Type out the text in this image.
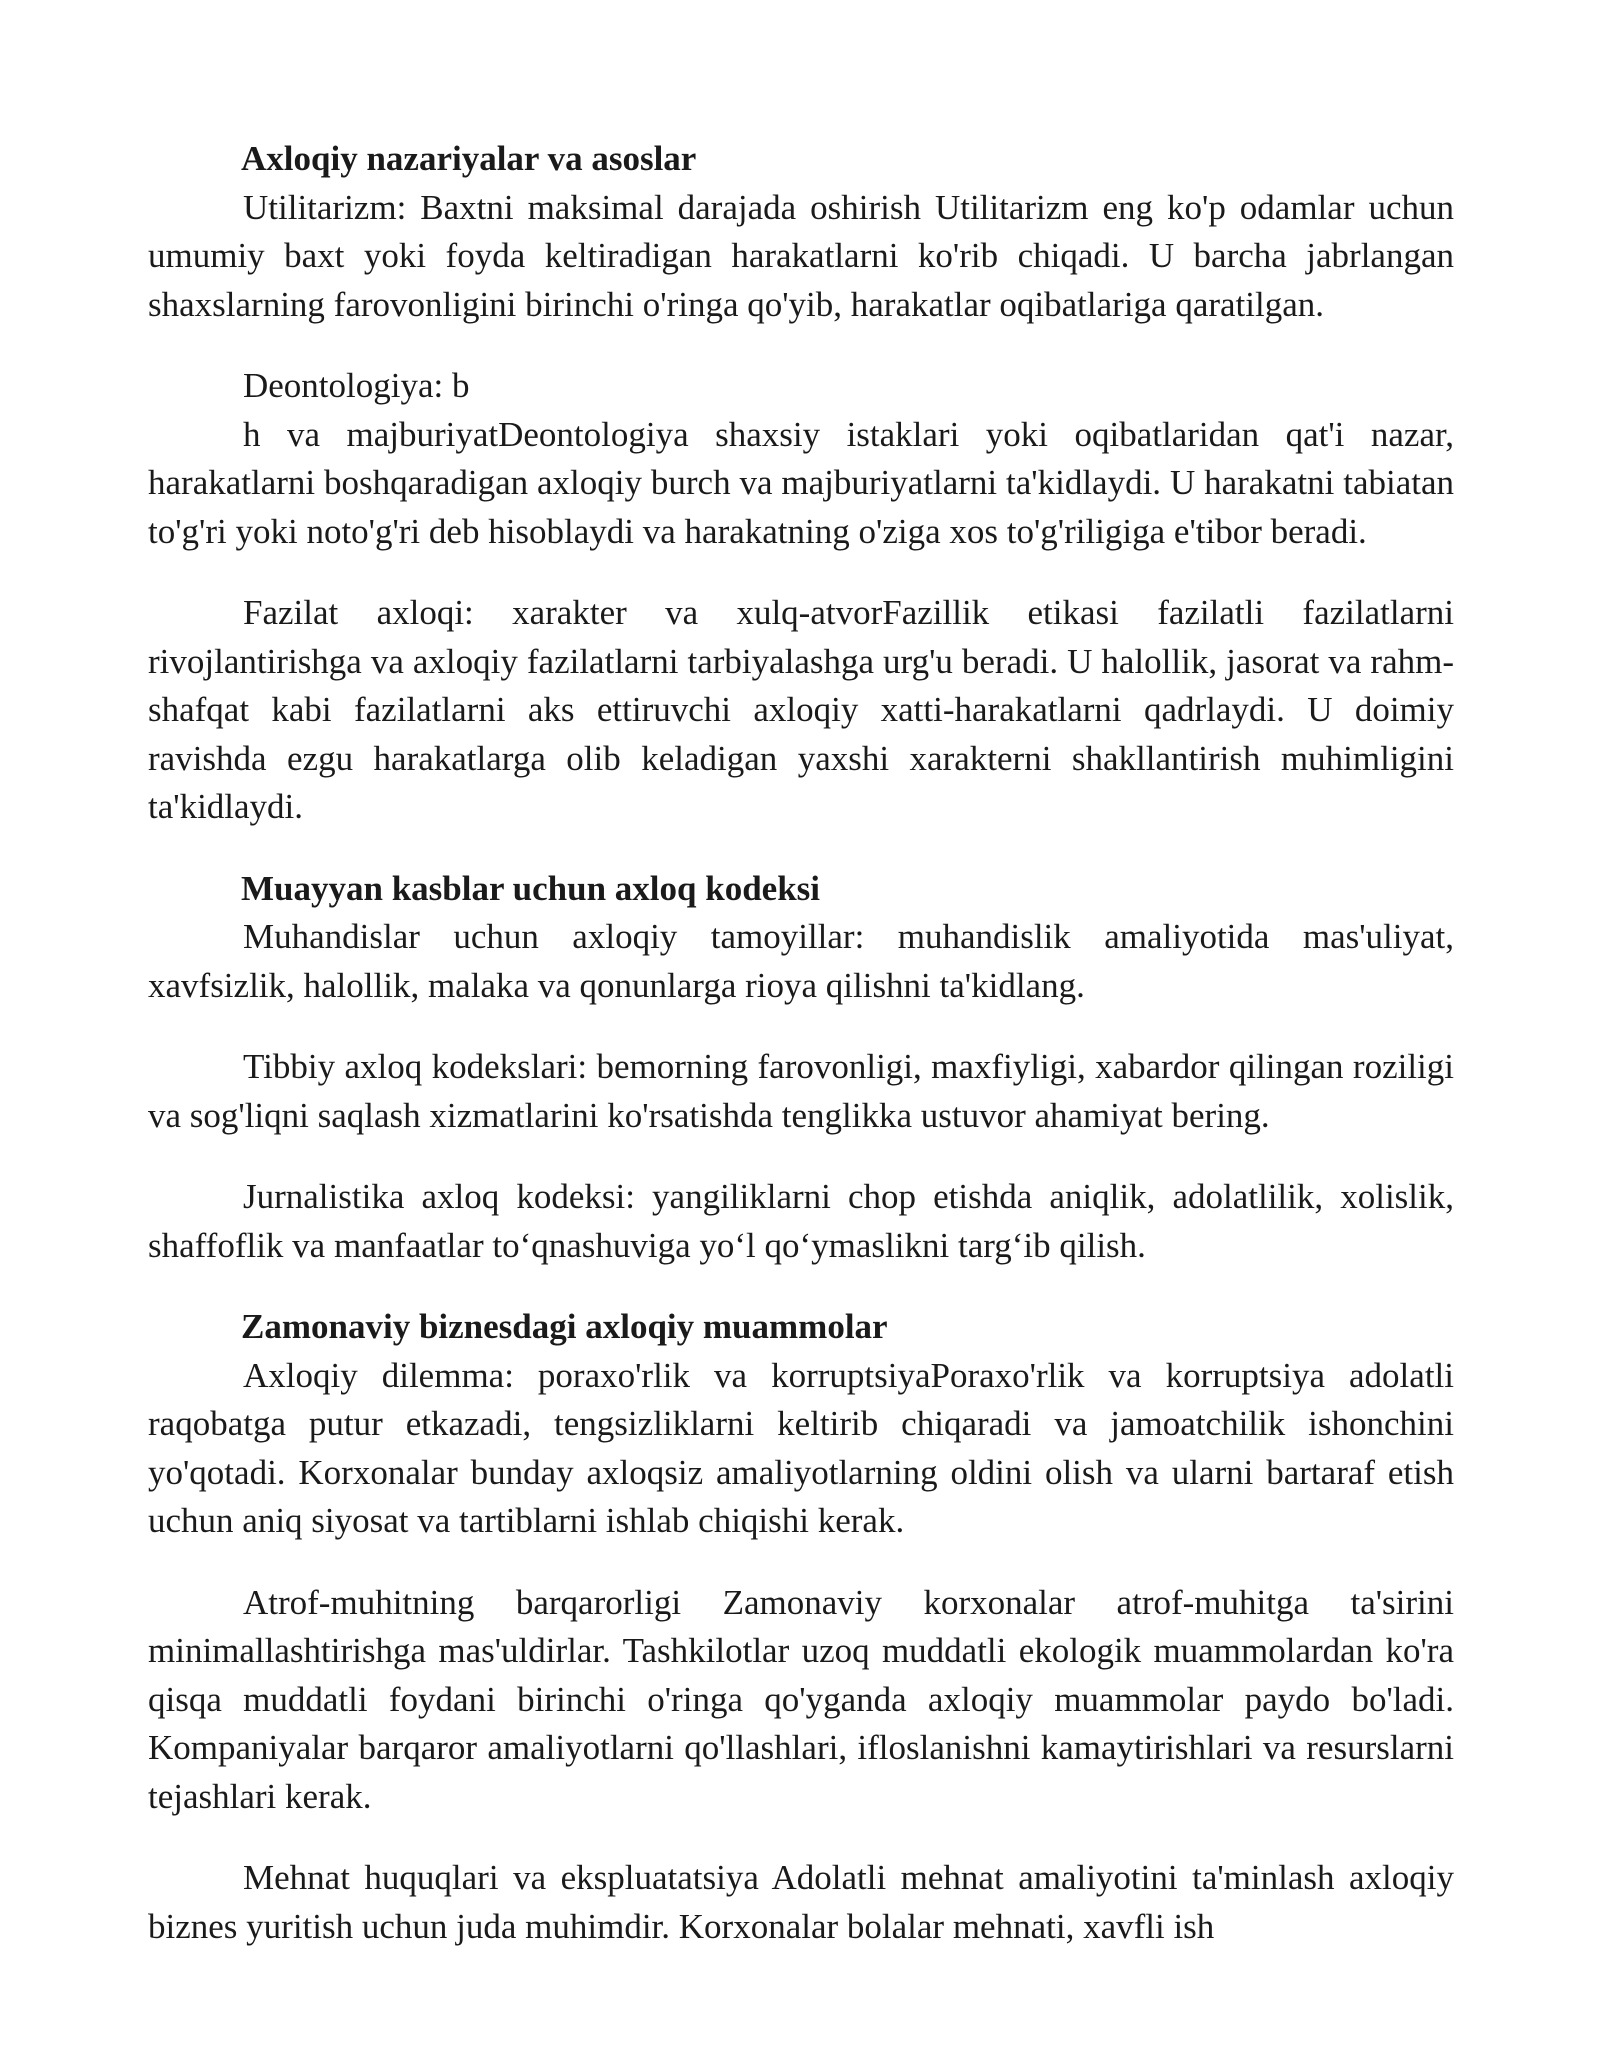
Axloqiy nazariyalar va asoslar

Utilitarizm: Baxtni maksimal darajada oshirish Utilitarizm eng ko'p odamlar uchun umumiy baxt yoki foyda keltiradigan harakatlarni ko'rib chiqadi. U barcha jabrlangan shaxslarning farovonligini birinchi o'ringa qo'yib, harakatlar oqibatlariga qaratilgan.

Deontologiya: b

h va majburiyatDeontologiya shaxsiy istaklari yoki oqibatlaridan qat'i nazar, harakatlarni boshqaradigan axloqiy burch va majburiyatlarni ta'kidlaydi. U harakatni tabiatan to'g'ri yoki noto'g'ri deb hisoblaydi va harakatning o'ziga xos to'g'riligiga e'tibor beradi.

Fazilat axloqi: xarakter va xulq-atvorFazillik etikasi fazilatli fazilatlarni rivojlantirishga va axloqiy fazilatlarni tarbiyalashga urg'u beradi. U halollik, jasorat va rahm-shafqat kabi fazilatlarni aks ettiruvchi axloqiy xatti-harakatlarni qadrlaydi. U doimiy ravishda ezgu harakatlarga olib keladigan yaxshi xarakterni shakllantirish muhimligini ta'kidlaydi.

Muayyan kasblar uchun axloq kodeksi

Muhandislar uchun axloqiy tamoyillar: muhandislik amaliyotida mas'uliyat, xavfsizlik, halollik, malaka va qonunlarga rioya qilishni ta'kidlang.

Tibbiy axloq kodekslari: bemorning farovonligi, maxfiyligi, xabardor qilingan roziligi va sog'liqni saqlash xizmatlarini ko'rsatishda tenglikka ustuvor ahamiyat bering.

Jurnalistika axloq kodeksi: yangiliklarni chop etishda aniqlik, adolatlilik, xolislik, shaffoflik va manfaatlar to‘qnashuviga yo‘l qo‘ymaslikni targ‘ib qilish.

Zamonaviy biznesdagi axloqiy muammolar

Axloqiy dilemma: poraxo'rlik va korruptsiyaPoraxo'rlik va korruptsiya adolatli raqobatga putur etkazadi, tengsizliklarni keltirib chiqaradi va jamoatchilik ishonchini yo'qotadi. Korxonalar bunday axloqsiz amaliyotlarning oldini olish va ularni bartaraf etish uchun aniq siyosat va tartiblarni ishlab chiqishi kerak.

Atrof-muhitning barqarorligi Zamonaviy korxonalar atrof-muhitga ta'sirini minimallashtirishga mas'uldirlar. Tashkilotlar uzoq muddatli ekologik muammolardan ko'ra qisqa muddatli foydani birinchi o'ringa qo'yganda axloqiy muammolar paydo bo'ladi. Kompaniyalar barqaror amaliyotlarni qo'llashlari, ifloslanishni kamaytirishlari va resurslarni tejashlari kerak.

Mehnat huquqlari va ekspluatatsiya Adolatli mehnat amaliyotini ta'minlash axloqiy biznes yuritish uchun juda muhimdir. Korxonalar bolalar mehnati, xavfli ish
